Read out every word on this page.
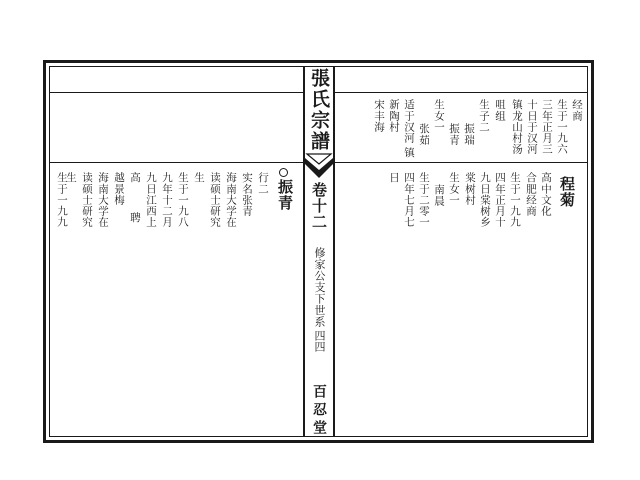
張氏宗譜
卷十二
修家公支下世系
四四
百忍堂
经商
生于一九六
三年正月三
十日于汉河
镇龙山村汤
咀组
生子二
振瑞
振青
生女一
张茹
适于汉河
镇
新陶村
宋丰海
程菊
高中文化
合肥经商
生于一九九
四年正月十
九日棠树乡
棠树村
生女一
南晨
生于二零一
四年七月七
日
振青
行二
实名张青
海南大学在
读硕士研究
生
生于一九八
九年十二月
九日江西上
高
聘
越景梅
海南大学在
读硕士研究
生
生于一九九
